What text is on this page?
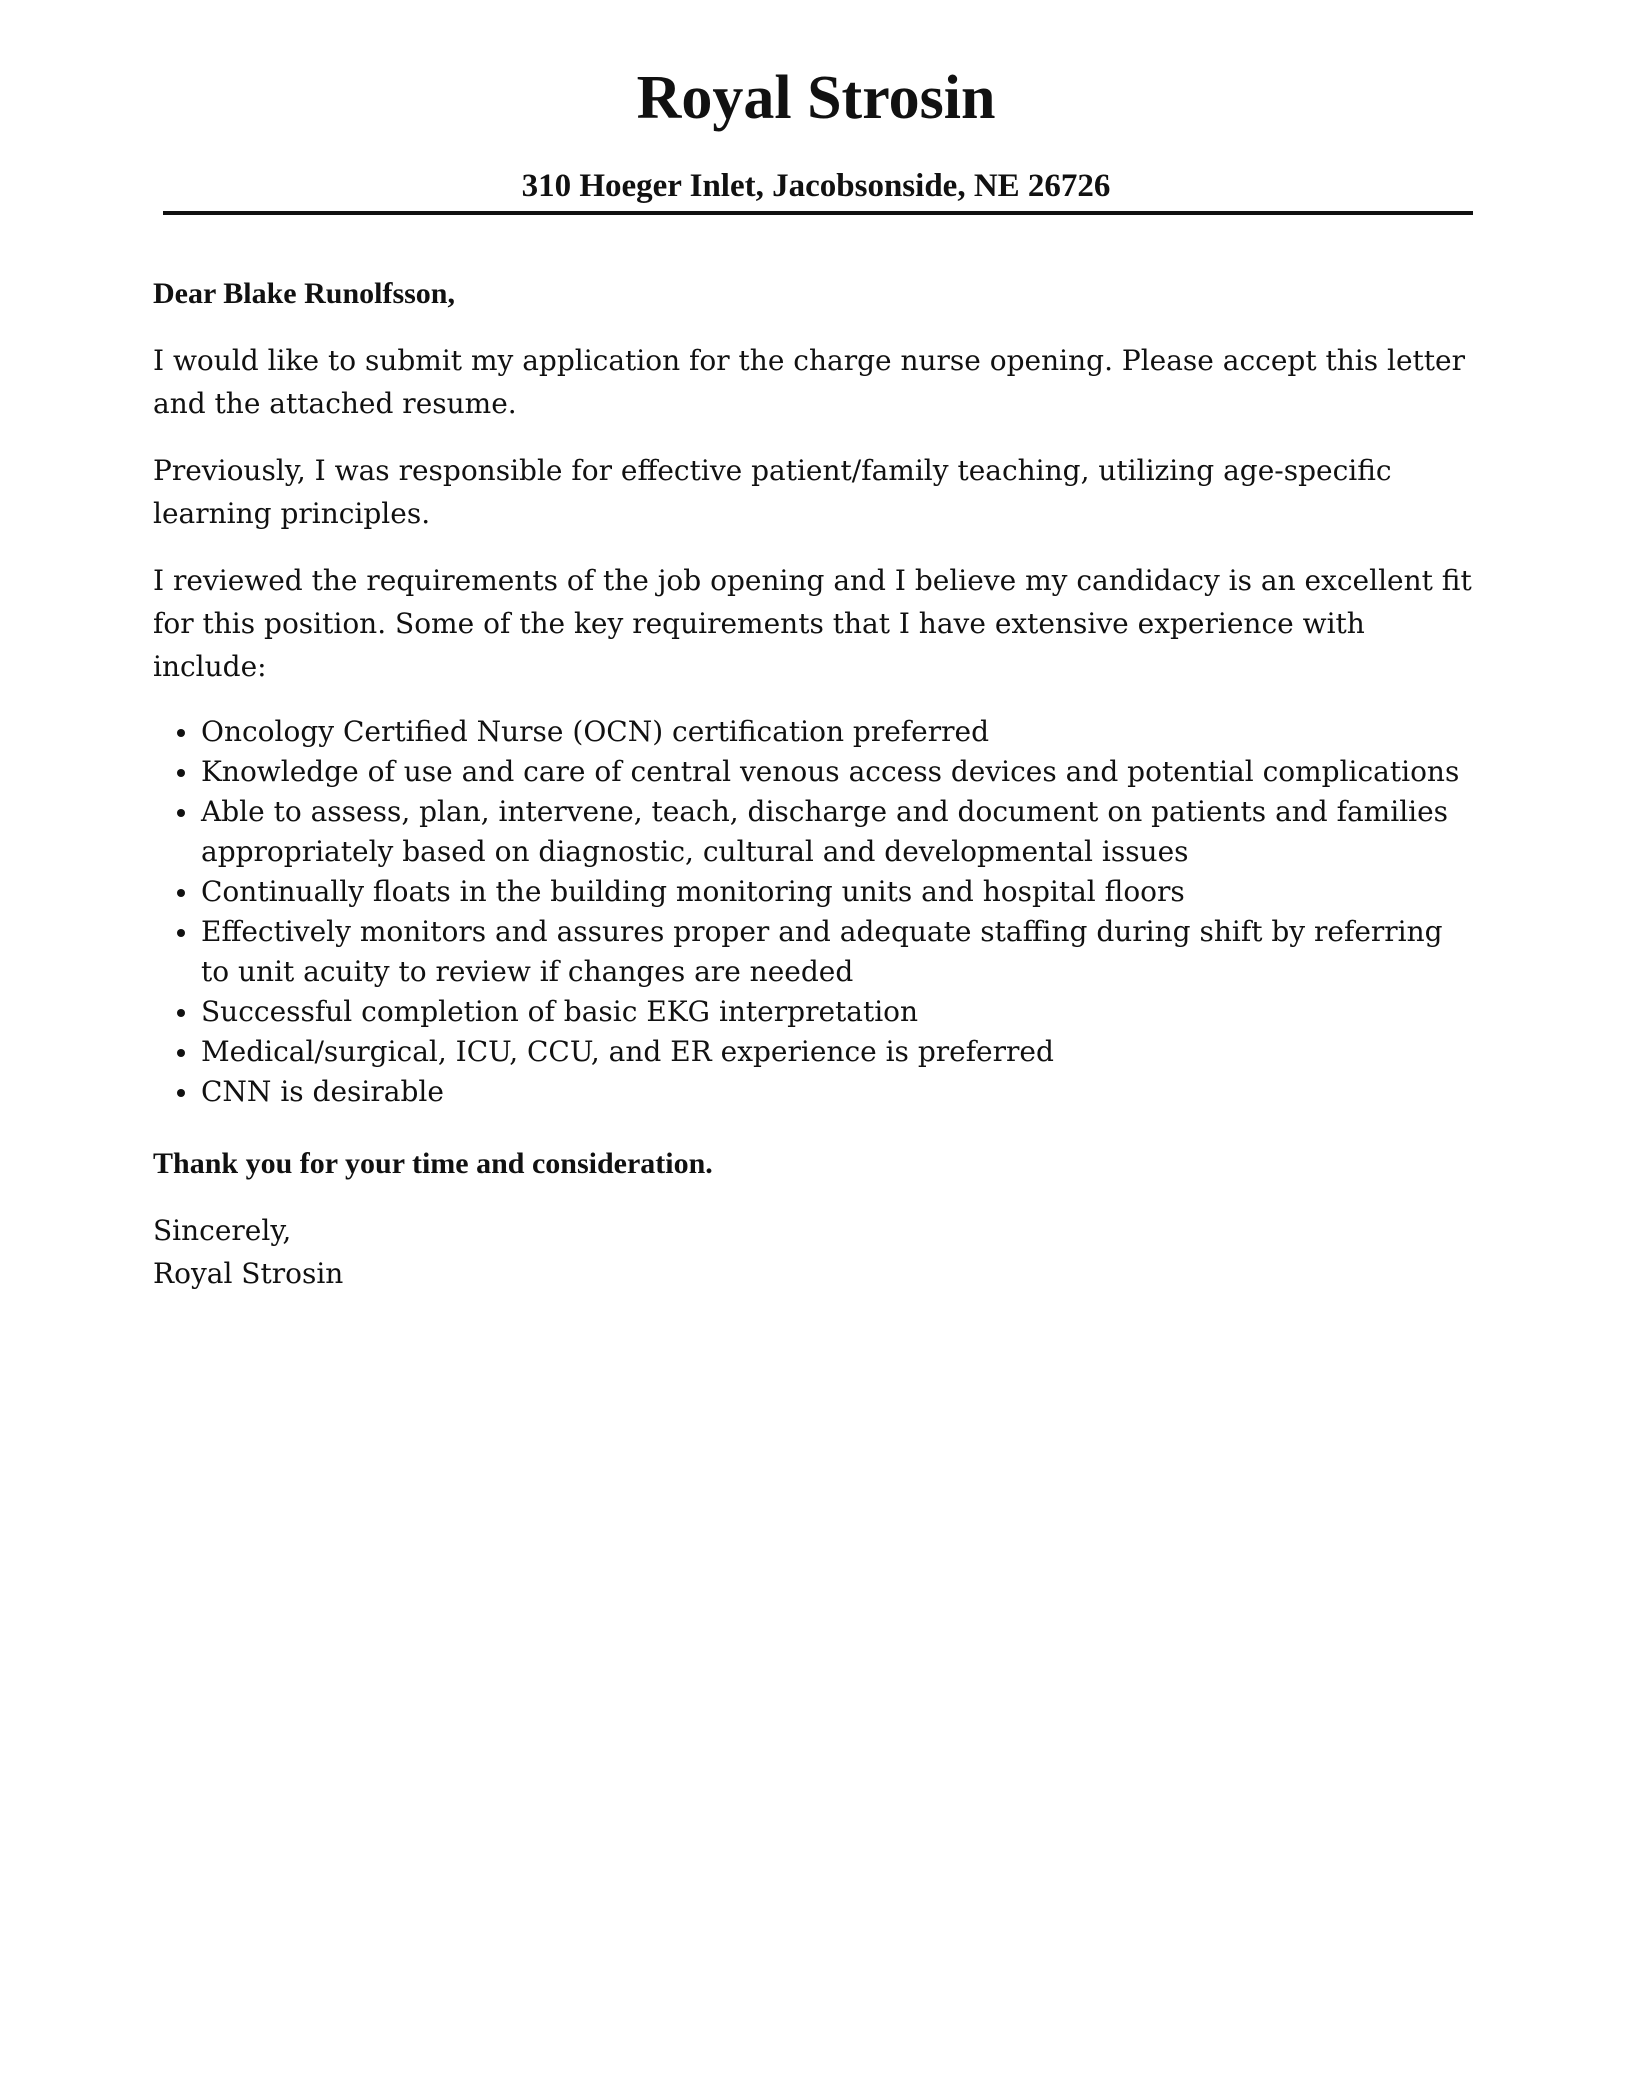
Royal Strosin

310 Hoeger Inlet, Jacobsonside, NE 26726

Dear Blake Runolfsson,

I would like to submit my application for the charge nurse opening. Please accept this letter and the attached resume.

Previously, I was responsible for effective patient/family teaching, utilizing age-specific learning principles.

I reviewed the requirements of the job opening and I believe my candidacy is an excellent fit for this position. Some of the key requirements that I have extensive experience with include:

Oncology Certified Nurse (OCN) certification preferred
Knowledge of use and care of central venous access devices and potential complications
Able to assess, plan, intervene, teach, discharge and document on patients and families appropriately based on diagnostic, cultural and developmental issues
Continually floats in the building monitoring units and hospital floors
Effectively monitors and assures proper and adequate staffing during shift by referring to unit acuity to review if changes are needed
Successful completion of basic EKG interpretation
Medical/surgical, ICU, CCU, and ER experience is preferred
CNN is desirable

Thank you for your time and consideration.

Sincerely,

Royal Strosin
